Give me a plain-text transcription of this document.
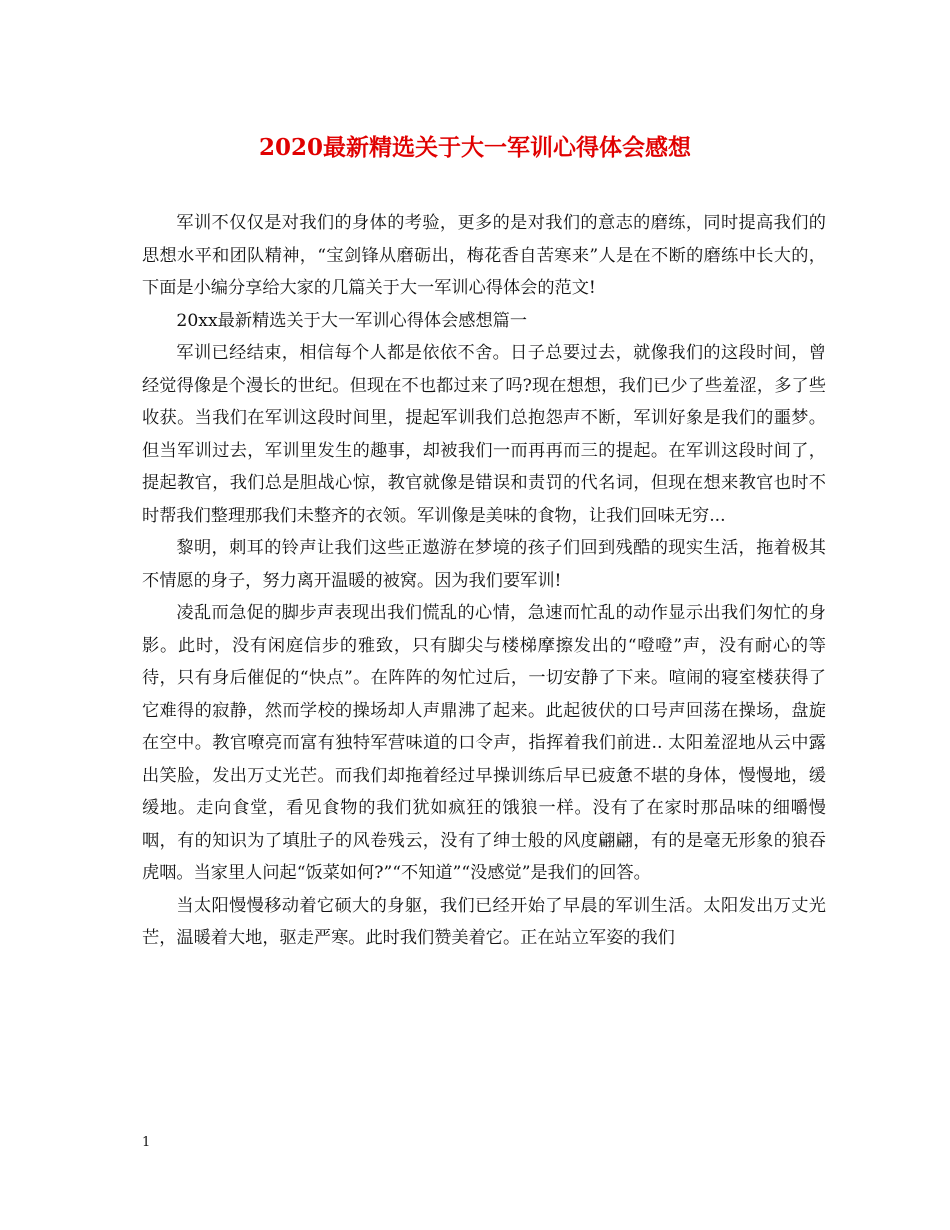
2020最新精选关于大一军训心得体会感想

军训不仅仅是对我们的身体的考验，更多的是对我们的意志的磨练，同时提高我们的思想水平和团队精神，“宝剑锋从磨砺出，梅花香自苦寒来”人是在不断的磨练中长大的，下面是小编分享给大家的几篇关于大一军训心得体会的范文!

20xx最新精选关于大一军训心得体会感想篇一

军训已经结束，相信每个人都是依依不舍。日子总要过去，就像我们的这段时间，曾经觉得像是个漫长的世纪。但现在不也都过来了吗?现在想想，我们已少了些羞涩，多了些收获。当我们在军训这段时间里，提起军训我们总抱怨声不断，军训好象是我们的噩梦。但当军训过去，军训里发生的趣事，却被我们一而再再而三的提起。在军训这段时间了，提起教官，我们总是胆战心惊，教官就像是错误和责罚的代名词，但现在想来教官也时不时帮我们整理那我们未整齐的衣领。军训像是美味的食物，让我们回味无穷...

黎明，刺耳的铃声让我们这些正遨游在梦境的孩子们回到残酷的现实生活，拖着极其不情愿的身子，努力离开温暖的被窝。因为我们要军训!

凌乱而急促的脚步声表现出我们慌乱的心情，急速而忙乱的动作显示出我们匆忙的身影。此时，没有闲庭信步的雅致，只有脚尖与楼梯摩擦发出的“噔噔”声，没有耐心的等待，只有身后催促的“快点”。在阵阵的匆忙过后，一切安静了下来。喧闹的寝室楼获得了它难得的寂静，然而学校的操场却人声鼎沸了起来。此起彼伏的口号声回荡在操场，盘旋在空中。教官嘹亮而富有独特军营味道的口令声，指挥着我们前进.. 太阳羞涩地从云中露出笑脸，发出万丈光芒。而我们却拖着经过早操训练后早已疲惫不堪的身体，慢慢地，缓缓地。走向食堂，看见食物的我们犹如疯狂的饿狼一样。没有了在家时那品味的细嚼慢咽，有的知识为了填肚子的风卷残云，没有了绅士般的风度翩翩，有的是毫无形象的狼吞虎咽。当家里人问起“饭菜如何?”“不知道”“没感觉”是我们的回答。

当太阳慢慢移动着它硕大的身躯，我们已经开始了早晨的军训生活。太阳发出万丈光芒，温暖着大地，驱走严寒。此时我们赞美着它。正在站立军姿的我们

1
